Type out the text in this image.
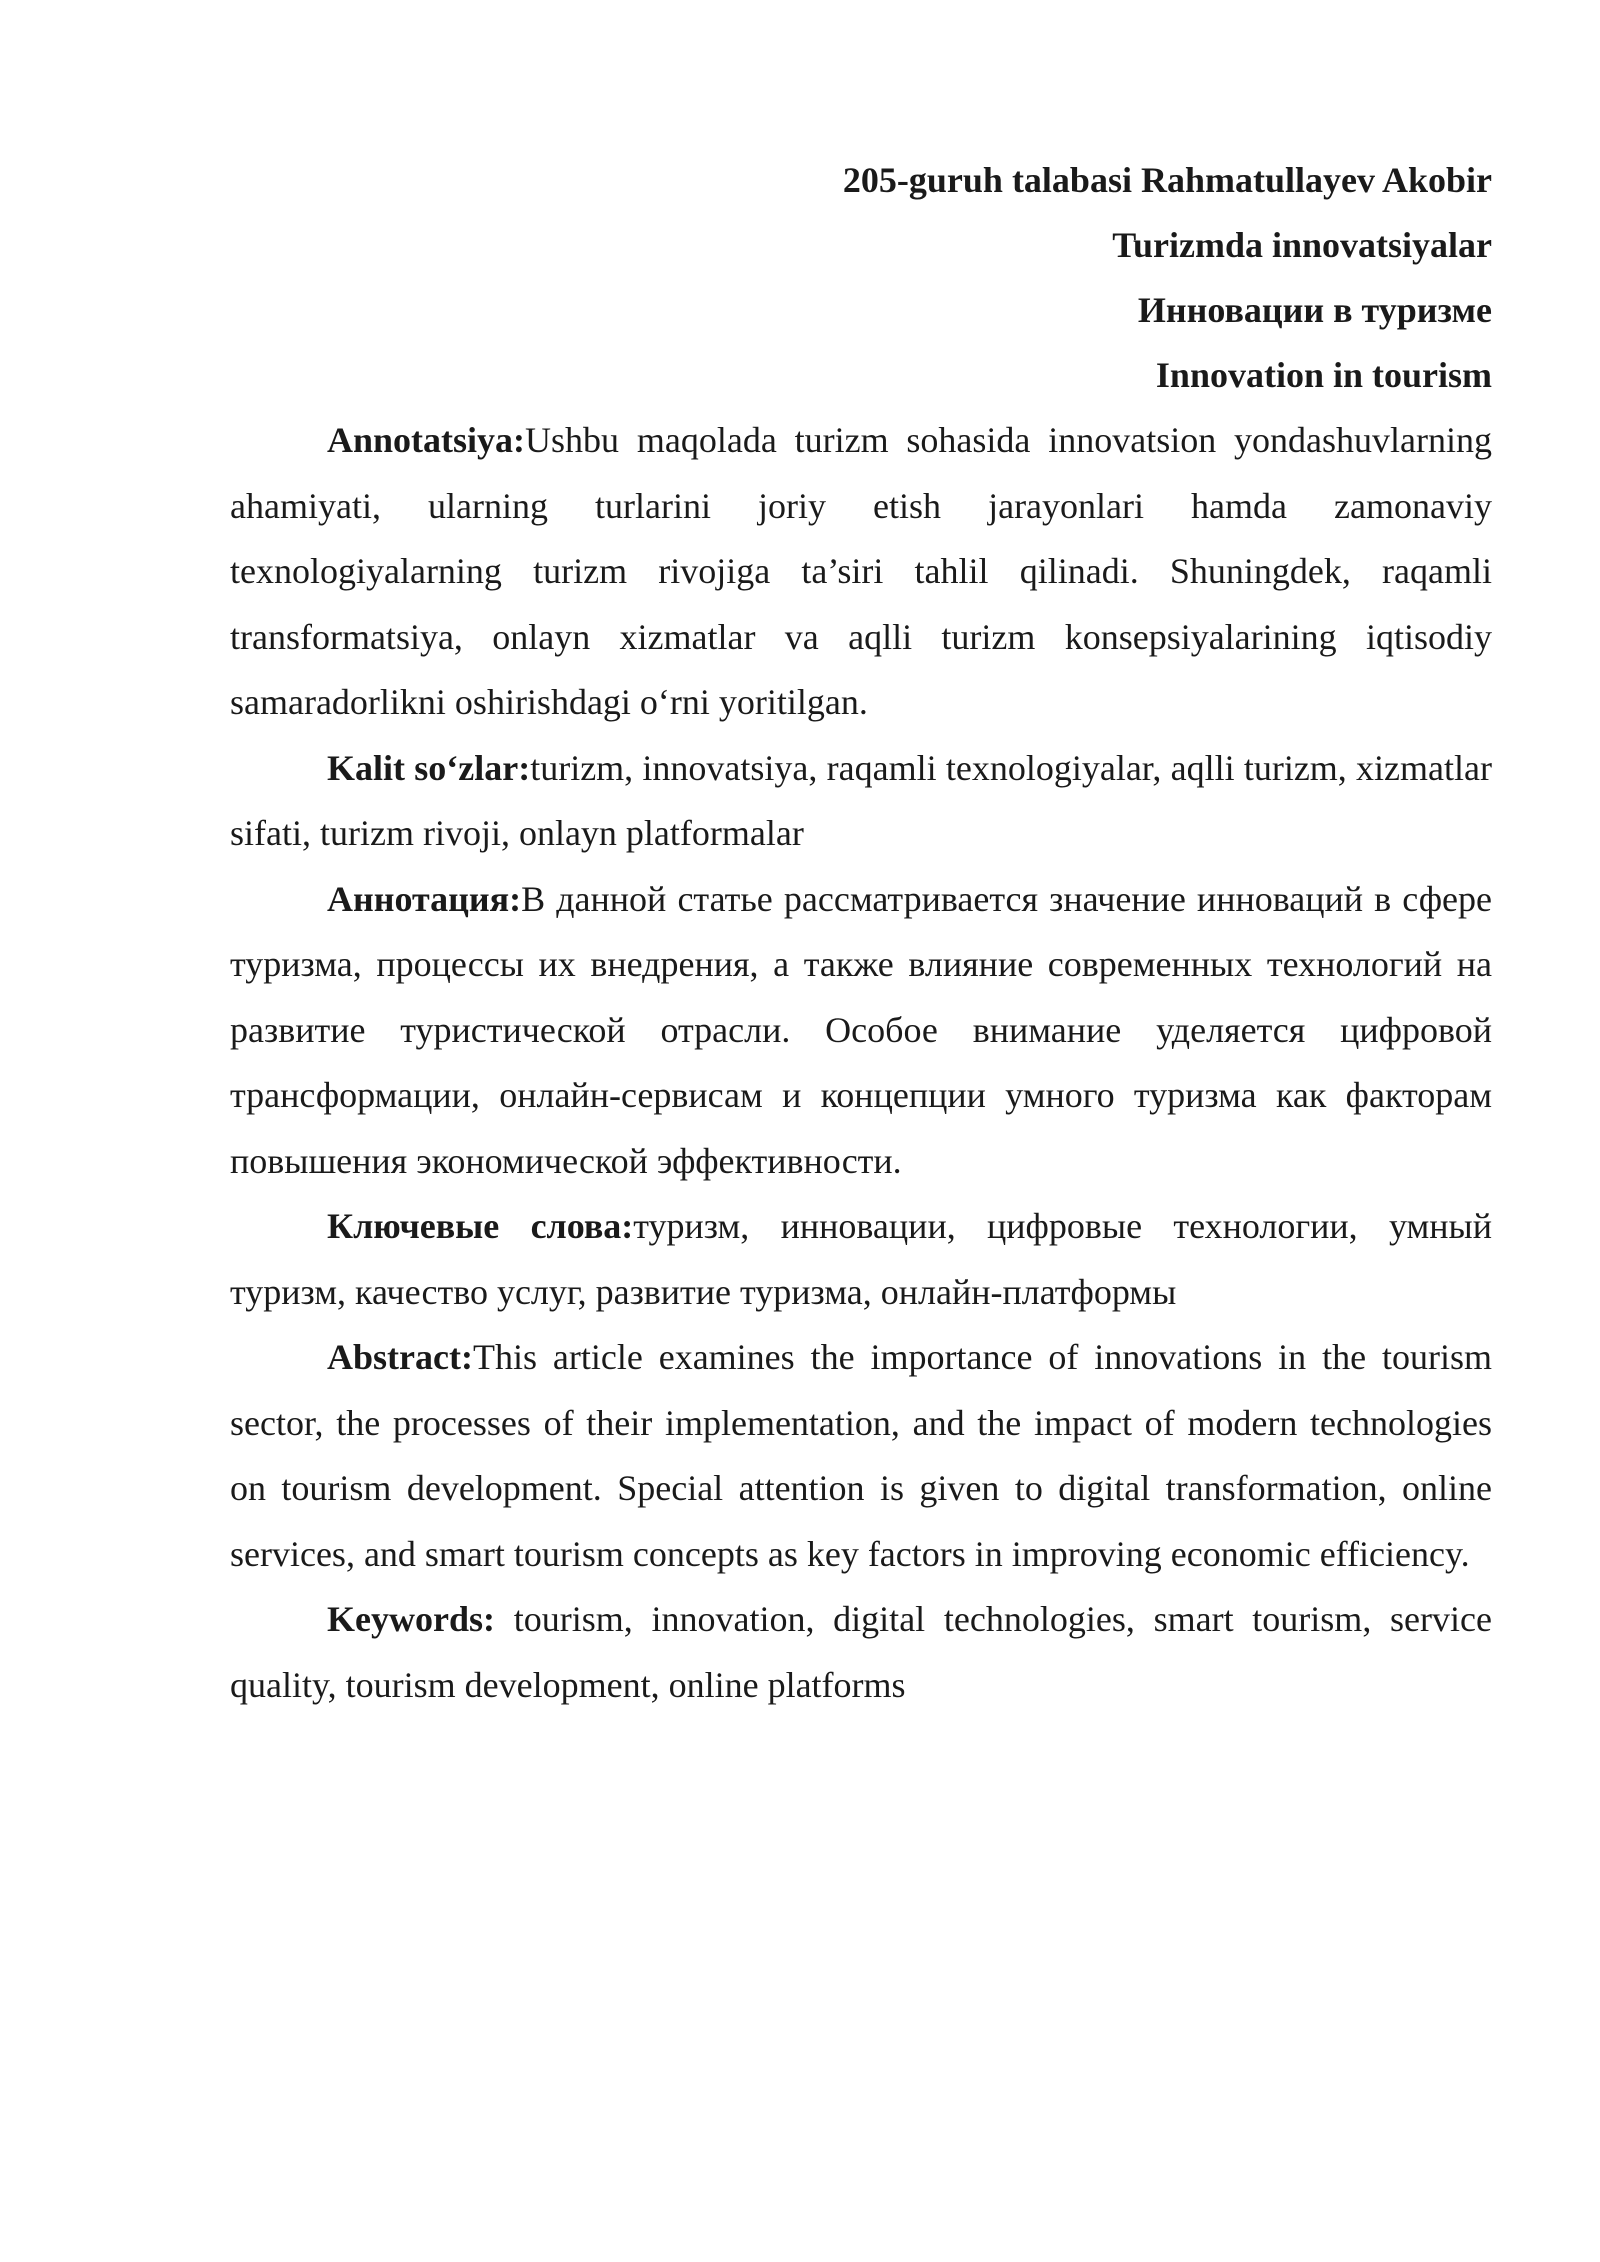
205-guruh talabasi Rahmatullayev Akobir
Turizmda innovatsiyalar
Инновации в туризме
Innovation in tourism

Annotatsiya:Ushbu maqolada turizm sohasida innovatsion yondashuvlarning ahamiyati, ularning turlarini joriy etish jarayonlari hamda zamonaviy texnologiyalarning turizm rivojiga ta’siri tahlil qilinadi. Shuningdek, raqamli transformatsiya, onlayn xizmatlar va aqlli turizm konsepsiyalarining iqtisodiy samaradorlikni oshirishdagi o‘rni yoritilgan.

Kalit so‘zlar:turizm, innovatsiya, raqamli texnologiyalar, aqlli turizm, xizmatlar sifati, turizm rivoji, onlayn platformalar

Аннотация:В данной статье рассматривается значение инноваций в сфере туризма, процессы их внедрения, а также влияние современных технологий на развитие туристической отрасли. Особое внимание уделяется цифровой трансформации, онлайн-сервисам и концепции умного туризма как факторам повышения экономической эффективности.

Ключевые слова:туризм, инновации, цифровые технологии, умный туризм, качество услуг, развитие туризма, онлайн-платформы

Abstract:This article examines the importance of innovations in the tourism sector, the processes of their implementation, and the impact of modern technologies on tourism development. Special attention is given to digital transformation, online services, and smart tourism concepts as key factors in improving economic efficiency.

Keywords: tourism, innovation, digital technologies, smart tourism, service quality, tourism development, online platforms
